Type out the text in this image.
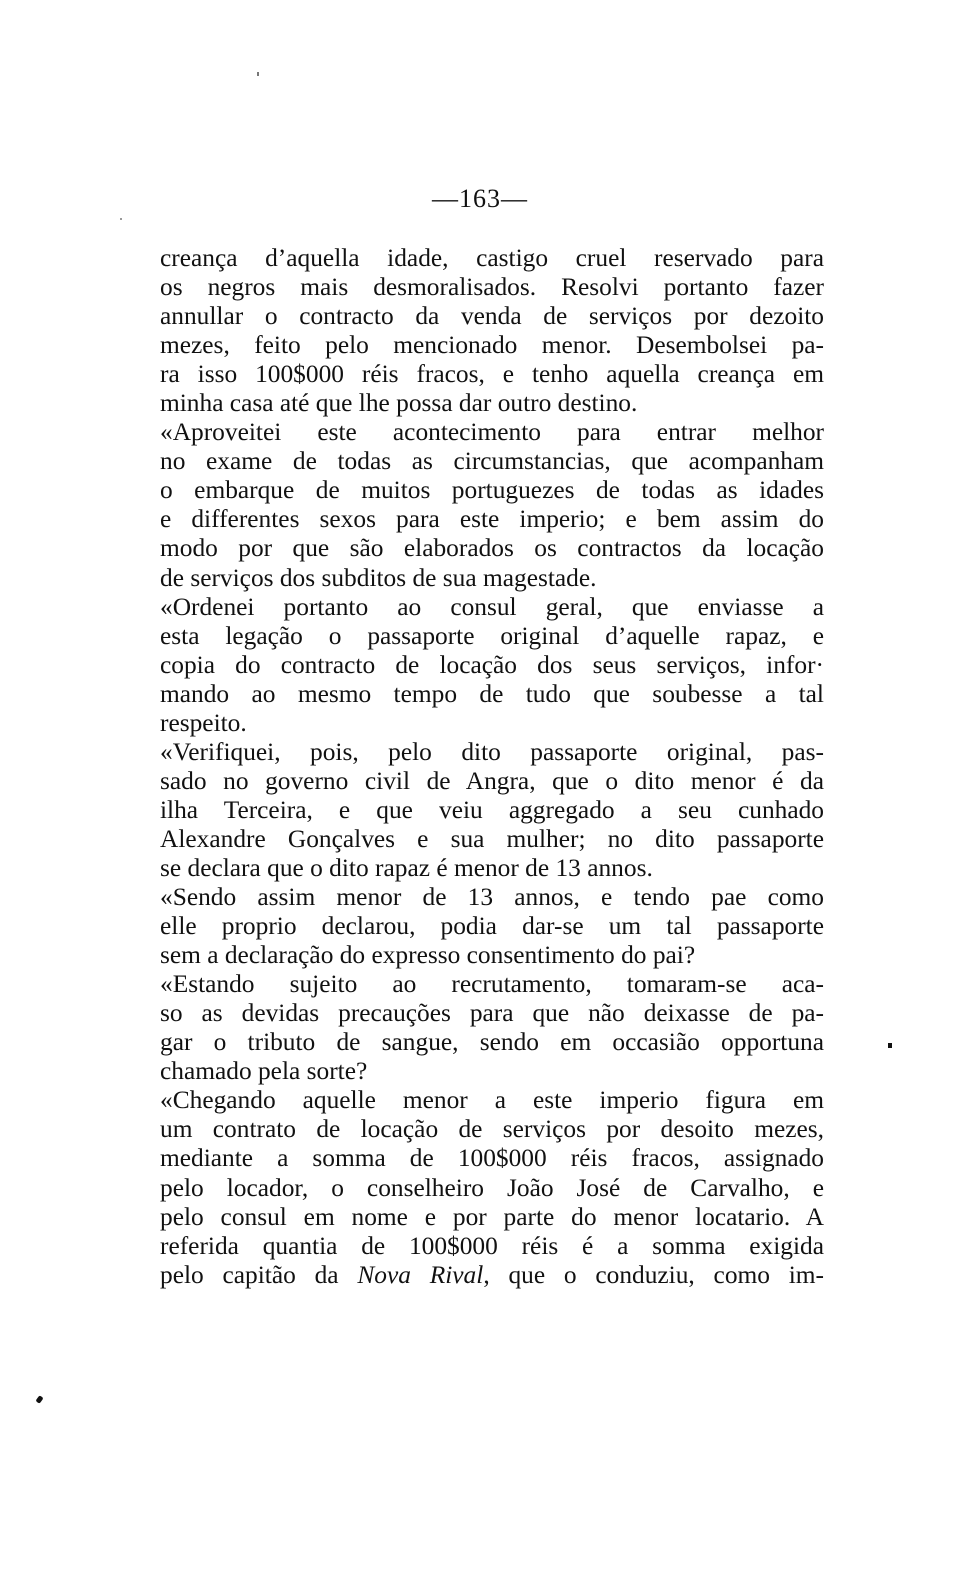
—163—
creança d’aquella idade, castigo cruel reservado para
os negros mais desmoralisados. Resolvi portanto fazer
annullar o contracto da venda de serviços por dezoito
mezes, feito pelo mencionado menor. Desembolsei pa-
ra isso 100$000 réis fracos, e tenho aquella creança em
minha casa até que lhe possa dar outro destino.
«Aproveitei este acontecimento para entrar melhor
no exame de todas as circumstancias, que acompanham
o embarque de muitos portuguezes de todas as idades
e differentes sexos para este imperio; e bem assim do
modo por que são elaborados os contractos da locação
de serviços dos subditos de sua magestade.
«Ordenei portanto ao consul geral, que enviasse a
esta legação o passaporte original d’aquelle rapaz, e
copia do contracto de locação dos seus serviços, infor·
mando ao mesmo tempo de tudo que soubesse a tal
respeito.
«Verifiquei, pois, pelo dito passaporte original, pas-
sado no governo civil de Angra, que o dito menor é da
ilha Terceira, e que veiu aggregado a seu cunhado
Alexandre Gonçalves e sua mulher; no dito passaporte
se declara que o dito rapaz é menor de 13 annos.
«Sendo assim menor de 13 annos, e tendo pae como
elle proprio declarou, podia dar-se um tal passaporte
sem a declaração do expresso consentimento do pai?
«Estando sujeito ao recrutamento, tomaram-se aca-
so as devidas precauções para que não deixasse de pa-
gar o tributo de sangue, sendo em occasião opportuna
chamado pela sorte?
«Chegando aquelle menor a este imperio figura em
um contrato de locação de serviços por desoito mezes,
mediante a somma de 100$000 réis fracos, assignado
pelo locador, o conselheiro João José de Carvalho, e
pelo consul em nome e por parte do menor locatario. A
referida quantia de 100$000 réis é a somma exigida
pelo capitão da Nova Rival, que o conduziu, como im-
